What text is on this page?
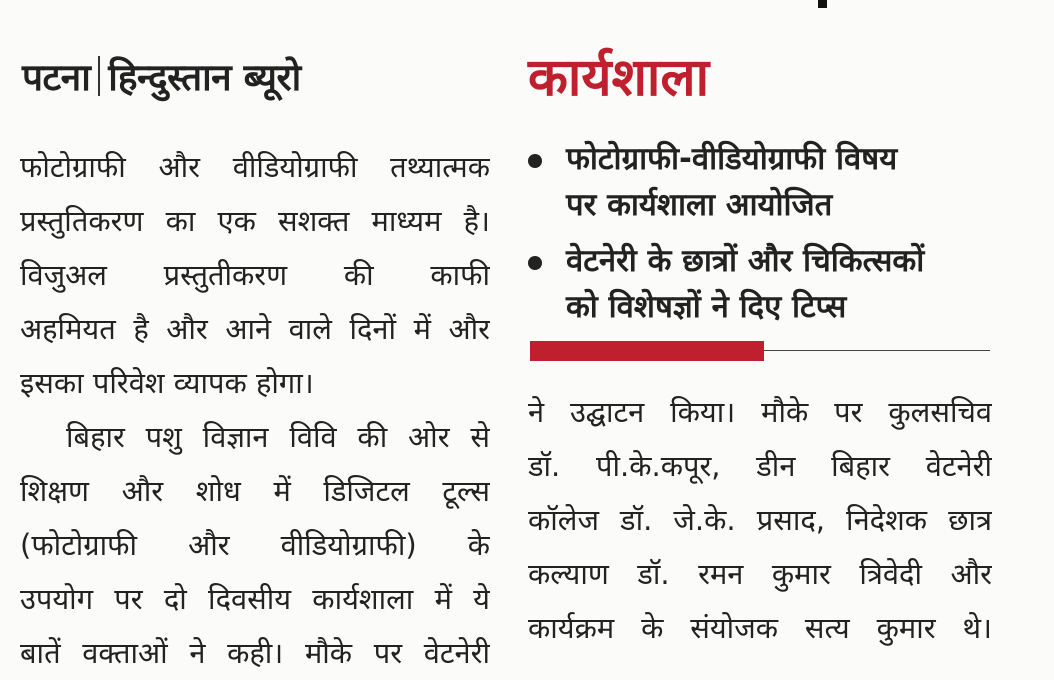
पटना हिन्दुस्तान ब्यूरो
फोटोग्राफी और वीडियोग्राफी तथ्यात्मक
प्रस्तुतिकरण का एक सशक्त माध्यम है।
विजुअल प्रस्तुतीकरण की काफी
अहमियत है और आने वाले दिनों में और
इसका परिवेश व्यापक होगा।
बिहार पशु विज्ञान विवि की ओर से
शिक्षण और शोध में डिजिटल टूल्स
(फोटोग्राफी और वीडियोग्राफी) के
उपयोग पर दो दिवसीय कार्यशाला में ये
बातें वक्ताओं ने कही। मौके पर वेटनेरी
कार्यशाला
फोटोग्राफी-वीडियोग्राफी विषय
पर कार्यशाला आयोजित
वेटनेरी के छात्रों और चिकित्सकों
को विशेषज्ञों ने दिए टिप्स
ने उद्घाटन किया। मौके पर कुलसचिव
डॉ. पी.के.कपूर, डीन बिहार वेटनेरी
कॉलेज डॉ. जे.के. प्रसाद, निदेशक छात्र
कल्याण डॉ. रमन कुमार त्रिवेदी और
कार्यक्रम के संयोजक सत्य कुमार थे।
